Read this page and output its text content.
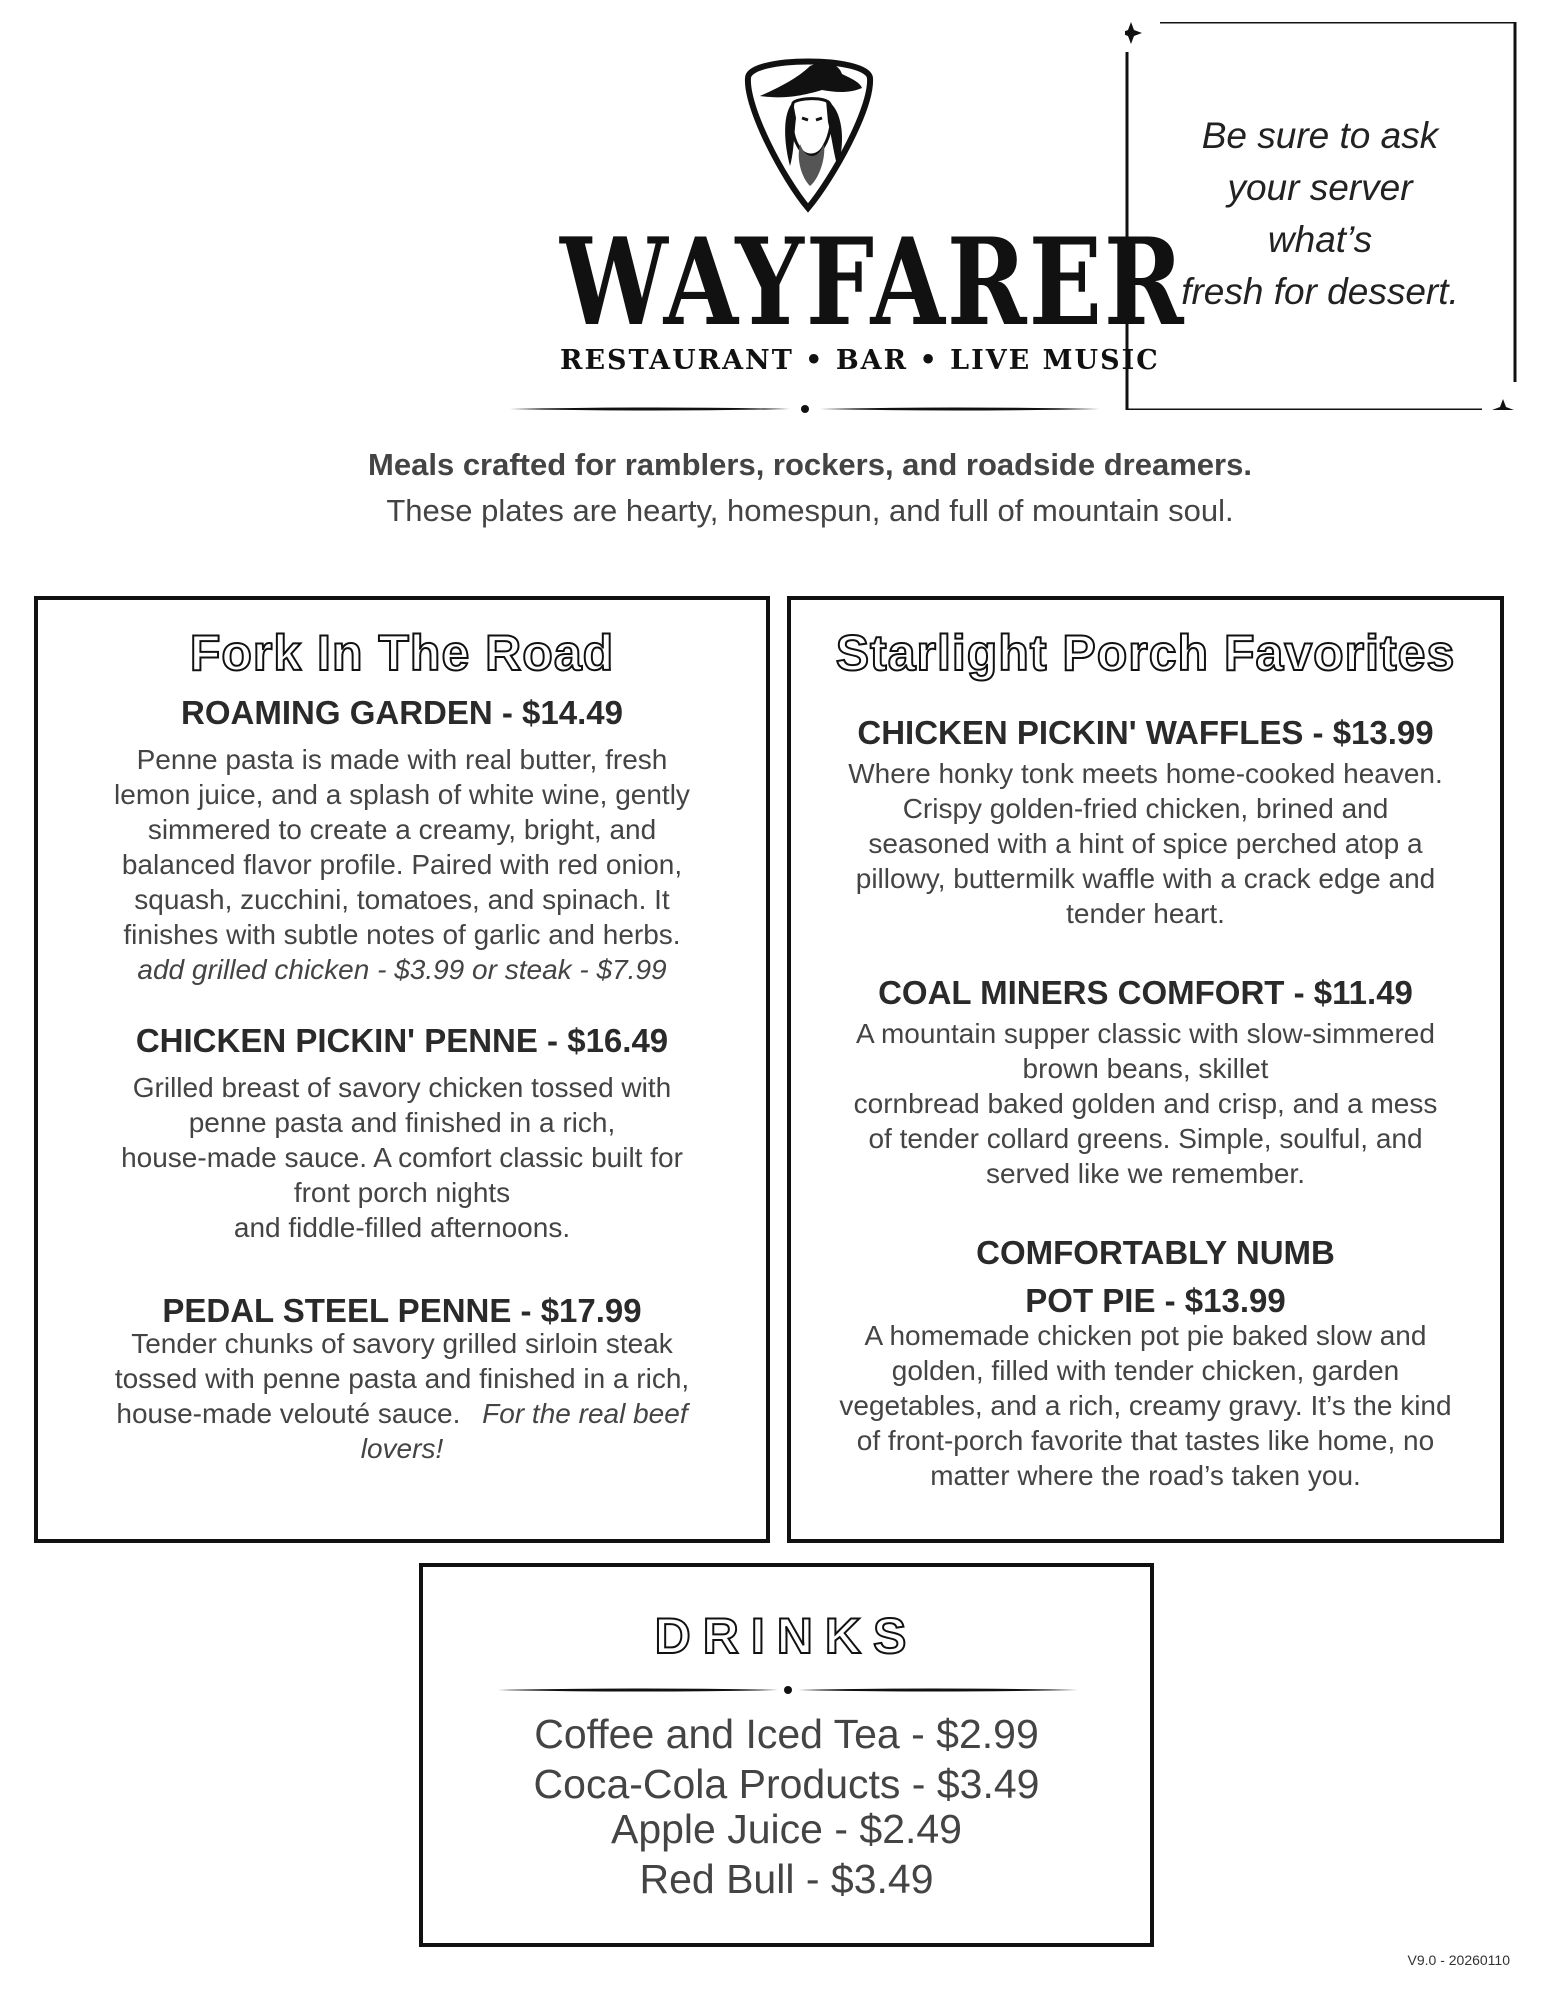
WAYFARER
RESTAURANT • BAR • LIVE MUSIC
Be sure to ask
your server
what’s
fresh for dessert.
Meals crafted for ramblers, rockers, and roadside dreamers.
These plates are hearty, homespun, and full of mountain soul.
Fork In The Road
ROAMING GARDEN - $14.49
Penne pasta is made with real butter, fresh
lemon juice, and a splash of white wine, gently
simmered to create a creamy, bright, and
balanced flavor profile. Paired with red onion,
squash, zucchini, tomatoes, and spinach. It
finishes with subtle notes of garlic and herbs.
add grilled chicken - $3.99 or steak - $7.99
CHICKEN PICKIN' PENNE - $16.49
Grilled breast of savory chicken tossed with
penne pasta and finished in a rich,
house-made sauce. A comfort classic built for
front porch nights
and fiddle-filled afternoons.
PEDAL STEEL PENNE - $17.99
Tender chunks of savory grilled sirloin steak
tossed with penne pasta and finished in a rich,
house-made velouté sauce. For the real beef
lovers!
Starlight Porch Favorites
CHICKEN PICKIN' WAFFLES - $13.99
Where honky tonk meets home-cooked heaven.
Crispy golden-fried chicken, brined and
seasoned with a hint of spice perched atop a
pillowy, buttermilk waffle with a crack edge and
tender heart.
COAL MINERS COMFORT - $11.49
A mountain supper classic with slow-simmered
brown beans, skillet
cornbread baked golden and crisp, and a mess
of tender collard greens. Simple, soulful, and
served like we remember.
COMFORTABLY NUMB
POT PIE - $13.99
A homemade chicken pot pie baked slow and
golden, filled with tender chicken, garden
vegetables, and a rich, creamy gravy. It’s the kind
of front-porch favorite that tastes like home, no
matter where the road’s taken you.
DRINKS
Coffee and Iced Tea - $2.99
Coca-Cola Products - $3.49
Apple Juice - $2.49
Red Bull - $3.49
V9.0 - 20260110
